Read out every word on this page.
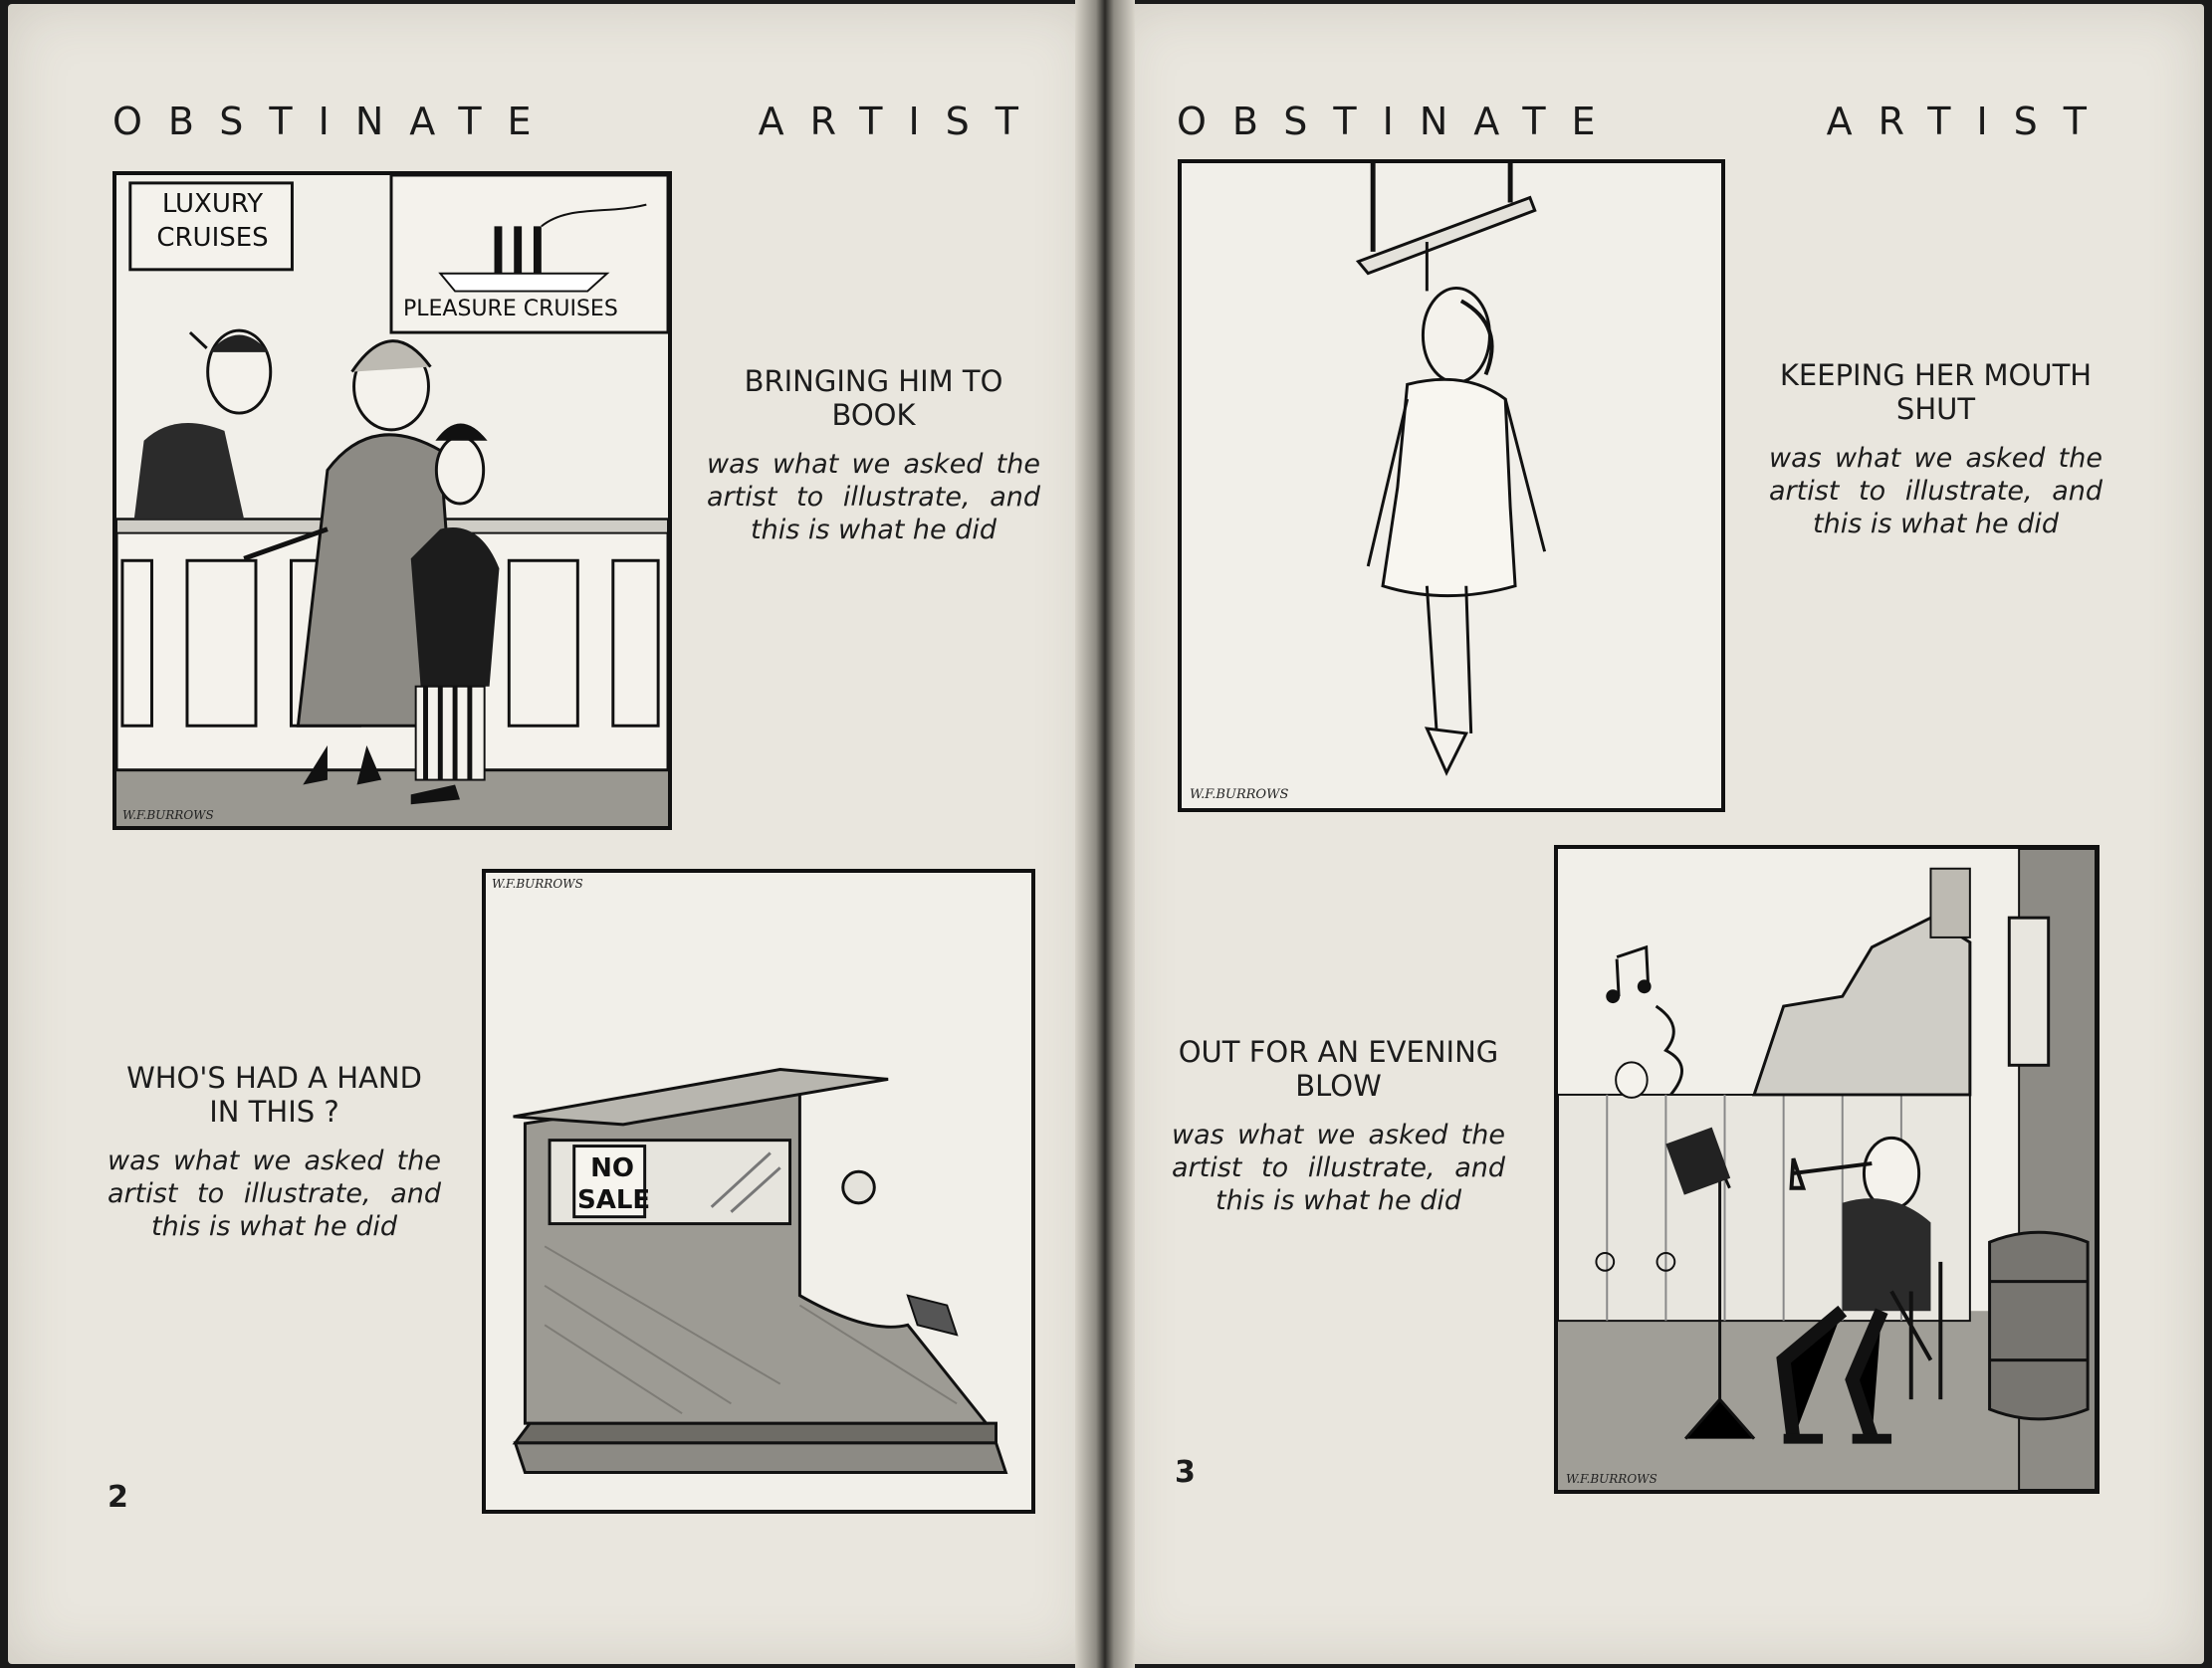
OBSTINATE	ARTIST	OBSTINATE	ARTIST
W.F.BURROWS
LUXURY
CRUISES
PLEASURE CRUISES
BRINGING HIM TO BOOK
was what we asked the artist to illustrate, and this is what he did
W.F.BURROWS
NO
SALE
WHO'S HAD A HAND IN THIS ?
was what we asked the artist to illustrate, and this is what he did
2
W.F.BURROWS
KEEPING HER MOUTH SHUT
was what we asked the artist to illustrate, and this is what he did
W.F.BURROWS
OUT FOR AN EVENING BLOW
was what we asked the artist to illustrate, and this is what he did
3
